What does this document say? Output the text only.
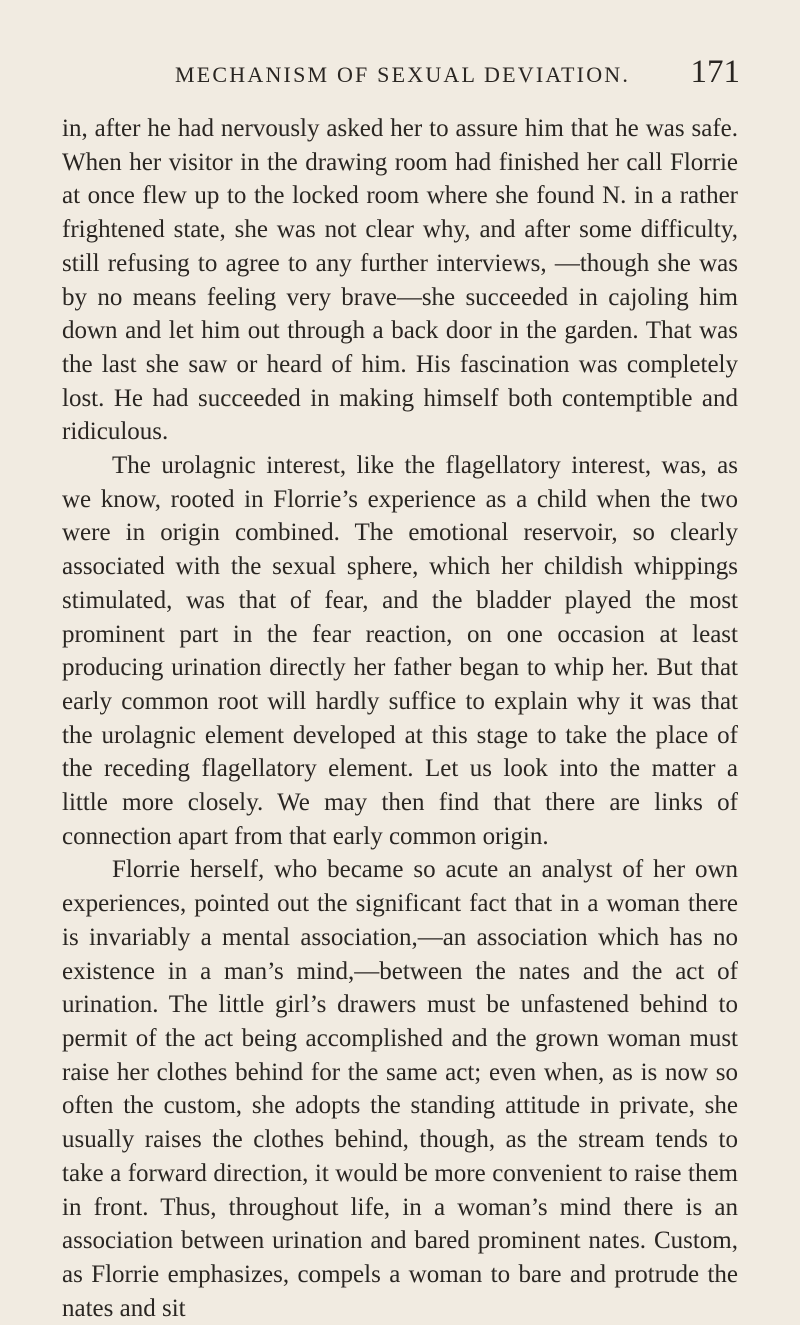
MECHANISM OF SEXUAL DEVIATION. 171

in, after he had nervously asked her to assure him that he was safe. When her visitor in the drawing room had finished her call Florrie at once flew up to the locked room where she found N. in a rather frightened state, she was not clear why, and after some difficulty, still refusing to agree to any further interviews, —though she was by no means feeling very brave—she succeeded in cajoling him down and let him out through a back door in the garden. That was the last she saw or heard of him. His fascination was completely lost. He had succeeded in making himself both contemptible and ridiculous.

The urolagnic interest, like the flagellatory interest, was, as we know, rooted in Florrie’s experience as a child when the two were in origin combined. The emotional reservoir, so clearly associated with the sexual sphere, which her childish whippings stimulated, was that of fear, and the bladder played the most prominent part in the fear reaction, on one occasion at least producing urination directly her father began to whip her. But that early common root will hardly suffice to explain why it was that the urolagnic element developed at this stage to take the place of the receding flagellatory element. Let us look into the matter a little more closely. We may then find that there are links of connection apart from that early common origin.

Florrie herself, who became so acute an analyst of her own experiences, pointed out the significant fact that in a woman there is invariably a mental association,—an association which has no existence in a man’s mind,—between the nates and the act of urination. The little girl’s drawers must be unfastened behind to permit of the act being accomplished and the grown woman must raise her clothes behind for the same act; even when, as is now so often the custom, she adopts the standing attitude in private, she usually raises the clothes behind, though, as the stream tends to take a forward direction, it would be more convenient to raise them in front. Thus, throughout life, in a woman’s mind there is an association between urination and bared prominent nates. Custom, as Florrie emphasizes, compels a woman to bare and protrude the nates and sit
